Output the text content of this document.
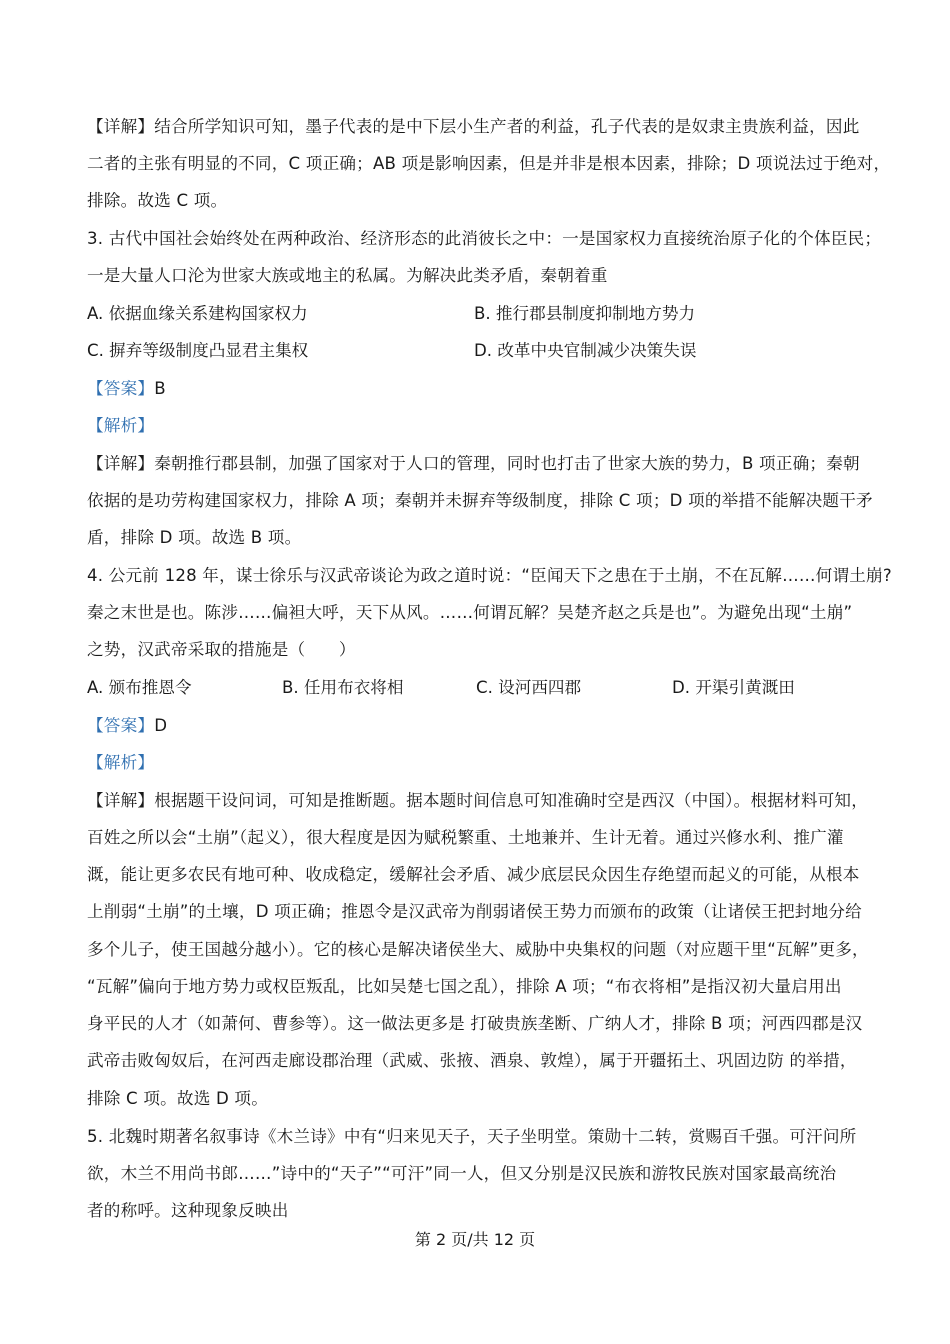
【详解】结合所学知识可知，墨子代表的是中下层小生产者的利益，孔子代表的是奴隶主贵族利益，因此
二者的主张有明显的不同，C 项正确；AB 项是影响因素，但是并非是根本因素，排除；D 项说法过于绝对，
排除。故选 C 项。
3. 古代中国社会始终处在两种政治、经济形态的此消彼长之中：一是国家权力直接统治原子化的个体臣民；
一是大量人口沦为世家大族或地主的私属。为解决此类矛盾，秦朝着重
A. 依据血缘关系建构国家权力	B. 推行郡县制度抑制地方势力
C. 摒弃等级制度凸显君主集权	D. 改革中央官制减少决策失误
【答案】B
【解析】
【详解】秦朝推行郡县制，加强了国家对于人口的管理，同时也打击了世家大族的势力，B 项正确；秦朝
依据的是功劳构建国家权力，排除 A 项；秦朝并未摒弃等级制度，排除 C 项；D 项的举措不能解决题干矛
盾，排除 D 项。故选 B 项。
4. 公元前 128 年，谋士徐乐与汉武帝谈论为政之道时说：“臣闻天下之患在于土崩，不在瓦解……何谓土崩?
秦之末世是也。陈涉……偏袒大呼，天下从风。……何谓瓦解？吴楚齐赵之兵是也”。为避免出现“土崩”
之势，汉武帝采取的措施是（　　）
A. 颁布推恩令	B. 任用布衣将相	C. 设河西四郡	D. 开渠引黄溉田
【答案】D
【解析】
【详解】根据题干设问词，可知是推断题。据本题时间信息可知准确时空是西汉（中国）。根据材料可知，
百姓之所以会“土崩”（起义），很大程度是因为赋税繁重、土地兼并、生计无着。通过兴修水利、推广灌
溉，能让更多农民有地可种、收成稳定，缓解社会矛盾、减少底层民众因生存绝望而起义的可能，从根本
上削弱“土崩”的土壤，D 项正确；推恩令是汉武帝为削弱诸侯王势力而颁布的政策（让诸侯王把封地分给
多个儿子，使王国越分越小）。它的核心是解决诸侯坐大、威胁中央集权的问题（对应题干里“瓦解”更多，
“瓦解”偏向于地方势力或权臣叛乱，比如吴楚七国之乱），排除 A 项；“布衣将相”是指汉初大量启用出
身平民的人才（如萧何、曹参等）。这一做法更多是 打破贵族垄断、广纳人才，排除 B 项；河西四郡是汉
武帝击败匈奴后，在河西走廊设郡治理（武威、张掖、酒泉、敦煌），属于开疆拓土、巩固边防 的举措，
排除 C 项。故选 D 项。
5. 北魏时期著名叙事诗《木兰诗》中有“归来见天子，天子坐明堂。策勋十二转，赏赐百千强。可汗问所
欲，木兰不用尚书郎……”诗中的“天子”“可汗”同一人，但又分别是汉民族和游牧民族对国家最高统治
者的称呼。这种现象反映出
第 2 页/共 12 页
